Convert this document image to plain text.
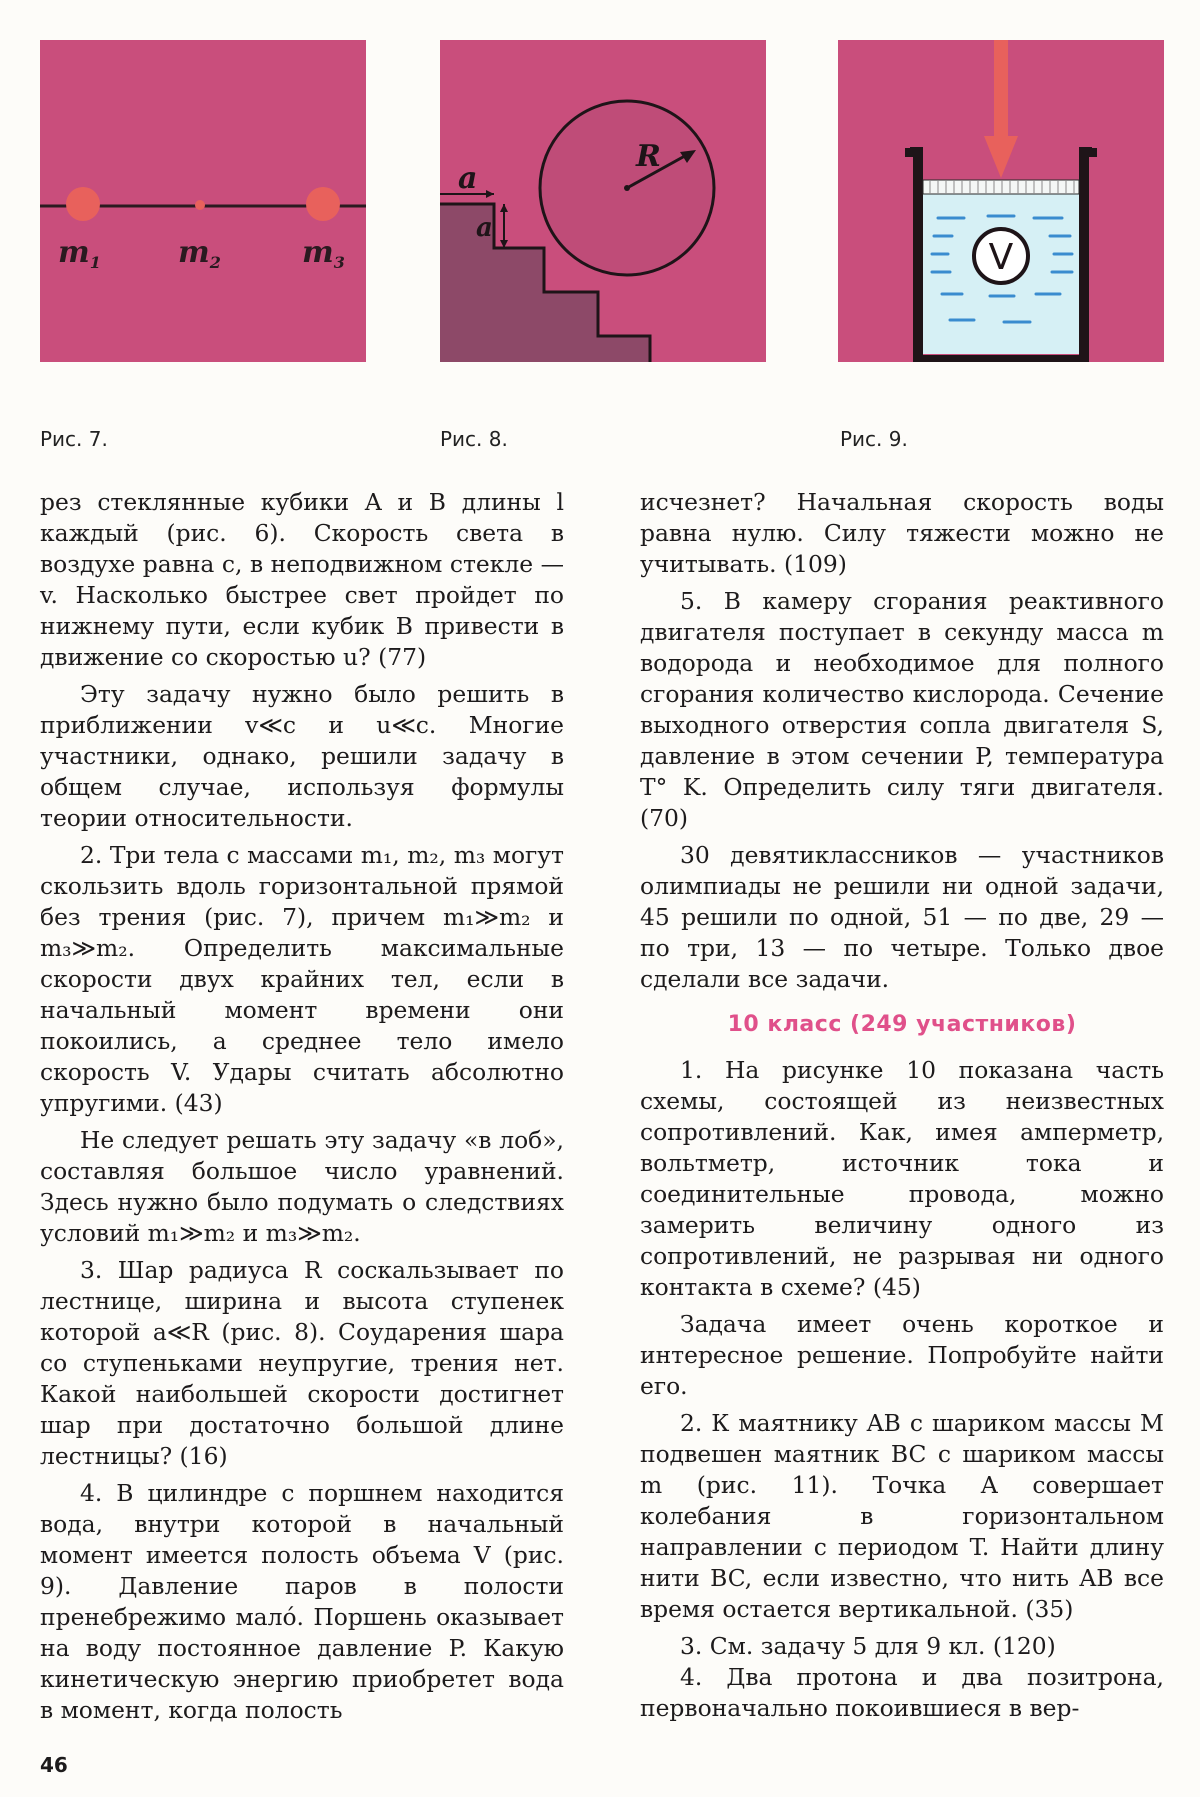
$m_1$	$m_2$	$m_3$
Рис. 7.
a
a
R
Рис. 8.
V
Рис. 9.

рез стеклянные кубики A и B длины l каждый (рис. 6). Скорость света в воздухе равна c, в неподвижном стекле — v. Насколько быстрее свет пройдет по нижнему пути, если кубик B привести в движение со скоростью u? (77)

Эту задачу нужно было решить в приближении v≪c и u≪c. Многие участники, однако, решили задачу в общем случае, используя формулы теории относительности.

2. Три тела с массами m₁, m₂, m₃ могут скользить вдоль горизонтальной прямой без трения (рис. 7), причем m₁≫m₂ и m₃≫m₂. Определить максимальные скорости двух крайних тел, если в начальный момент времени они покоились, а среднее тело имело скорость V. Удары считать абсолютно упругими. (43)

Не следует решать эту задачу «в лоб», составляя большое число уравнений. Здесь нужно было подумать о следствиях условий m₁≫m₂ и m₃≫m₂.

3. Шар радиуса R соскальзывает по лестнице, ширина и высота ступенек которой a≪R (рис. 8). Соударения шара со ступеньками неупругие, трения нет. Какой наибольшей скорости достигнет шар при достаточно большой длине лестницы? (16)

4. В цилиндре с поршнем находится вода, внутри которой в начальный момент имеется полость объема V (рис. 9). Давление паров в полости пренебрежимо мало́. Поршень оказывает на воду постоянное давление P. Какую кинетическую энергию приобретет вода в момент, когда полость

исчезнет? Начальная скорость воды равна нулю. Силу тяжести можно не учитывать. (109)

5. В камеру сгорания реактивного двигателя поступает в секунду масса m водорода и необходимое для полного сгорания количество кислорода. Сечение выходного отверстия сопла двигателя S, давление в этом сечении P, температура T° K. Определить силу тяги двигателя. (70)

30 девятиклассников — участников олимпиады не решили ни одной задачи, 45 решили по одной, 51 — по две, 29 — по три, 13 — по четыре. Только двое сделали все задачи.

10 класс (249 участников)

1. На рисунке 10 показана часть схемы, состоящей из неизвестных сопротивлений. Как, имея амперметр, вольтметр, источник тока и соединительные провода, можно замерить величину одного из сопротивлений, не разрывая ни одного контакта в схеме? (45)

Задача имеет очень короткое и интересное решение. Попробуйте найти его.

2. К маятнику AB с шариком массы M подвешен маятник BC с шариком массы m (рис. 11). Точка A совершает колебания в горизонтальном направлении с периодом T. Найти длину нити BC, если известно, что нить AB все время остается вертикальной. (35)

3. См. задачу 5 для 9 кл. (120)

4. Два протона и два позитрона, первоначально покоившиеся в вер-

46
